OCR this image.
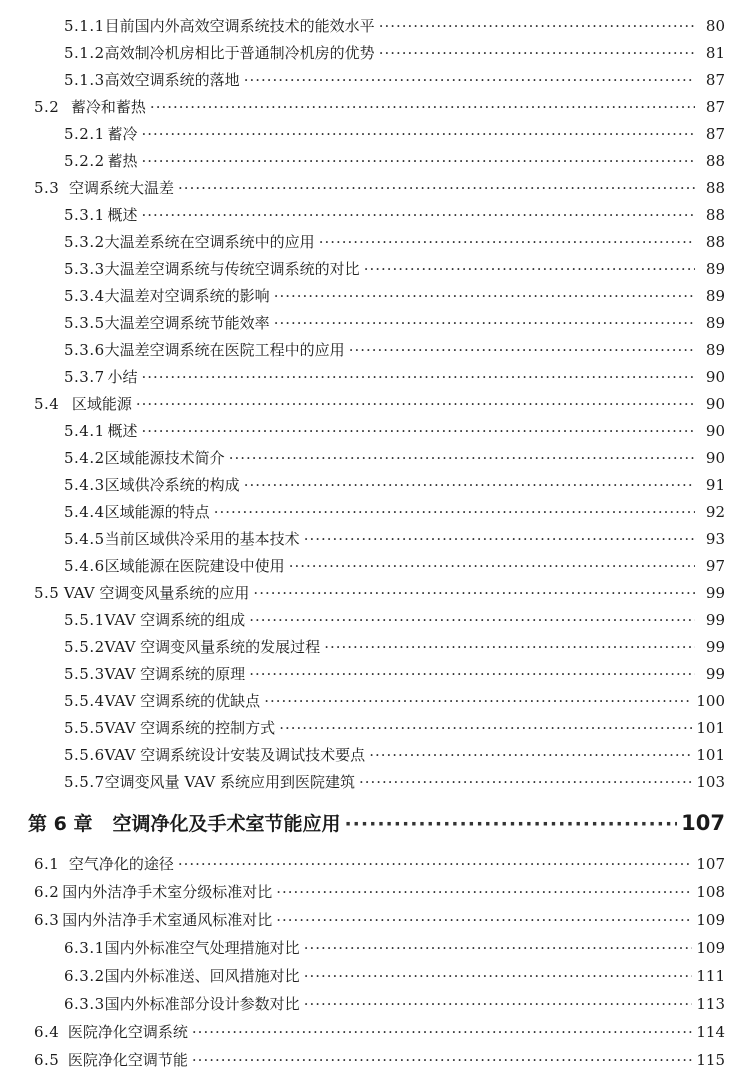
5.1.1 目前国内外高效空调系统技术的能效水平 ·····	80
5.1.2 高效制冷机房相比于普通制冷机房的优势 ·····	81
5.1.3 高效空调系统的落地 ·····	87
5.2 蓄冷和蓄热 ·····	87
5.2.1 蓄冷 ·····	87
5.2.2 蓄热 ·····	88
5.3 空调系统大温差 ·····	88
5.3.1 概述 ·····	88
5.3.2 大温差系统在空调系统中的应用 ·····	88
5.3.3 大温差空调系统与传统空调系统的对比 ·····	89
5.3.4 大温差对空调系统的影响 ·····	89
5.3.5 大温差空调系统节能效率 ·····	89
5.3.6 大温差空调系统在医院工程中的应用 ·····	89
5.3.7 小结 ·····	90
5.4 区域能源 ·····	90
5.4.1 概述 ·····	90
5.4.2 区域能源技术简介 ·····	90
5.4.3 区域供冷系统的构成 ·····	91
5.4.4 区域能源的特点 ·····	92
5.4.5 当前区域供冷采用的基本技术 ·····	93
5.4.6 区域能源在医院建设中使用 ·····	97
5.5 VAV 空调变风量系统的应用 ·····	99
5.5.1 VAV 空调系统的组成 ·····	99
5.5.2 VAV 空调变风量系统的发展过程 ·····	99
5.5.3 VAV 空调系统的原理 ·····	99
5.5.4 VAV 空调系统的优缺点 ·····	100
5.5.5 VAV 空调系统的控制方式 ·····	101
5.5.6 VAV 空调系统设计安装及调试技术要点 ·····	101
5.5.7 空调变风量 VAV 系统应用到医院建筑 ·····	103
第 6 章 空调净化及手术室节能应用 ·····	107
6.1 空气净化的途径 ·····	107
6.2 国内外洁净手术室分级标准对比 ·····	108
6.3 国内外洁净手术室通风标准对比 ·····	109
6.3.1 国内外标准空气处理措施对比 ·····	109
6.3.2 国内外标准送、回风措施对比 ·····	111
6.3.3 国内外标准部分设计参数对比 ·····	113
6.4 医院净化空调系统 ·····	114
6.5 医院净化空调节能 ·····	115
